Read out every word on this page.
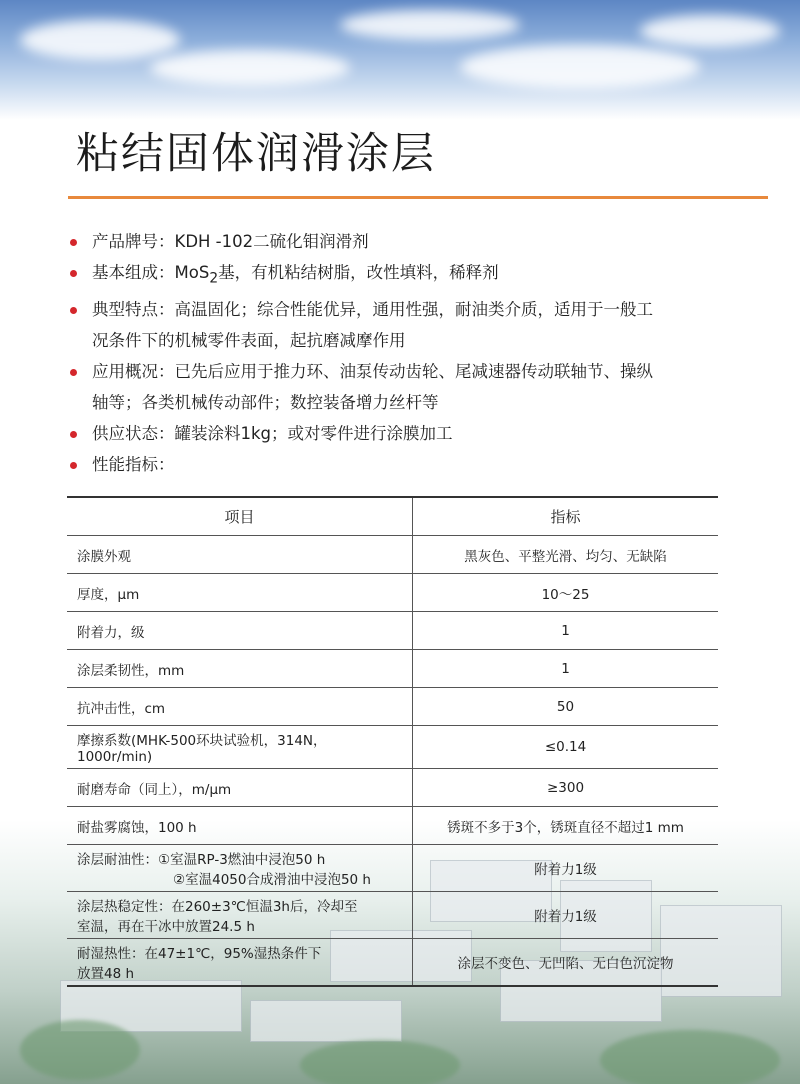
粘结固体润滑涂层
产品牌号：KDH -102二硫化钼润滑剂
基本组成：MoS$_2$基，有机粘结树脂，改性填料，稀释剂
典型特点：高温固化；综合性能优异，通用性强，耐油类介质，适用于一般工
况条件下的机械零件表面，起抗磨减摩作用
应用概况：已先后应用于推力环、油泵传动齿轮、尾减速器传动联轴节、操纵
轴等；各类机械传动部件；数控装备增力丝杆等
供应状态：罐装涂料1kg；或对零件进行涂膜加工
性能指标：
项目	指标
涂膜外观	黑灰色、平整光滑、均匀、无缺陷
厚度，μm	10～25
附着力，级	1
涂层柔韧性，mm	1
抗冲击性，cm	50

摩擦系数(MHK-500环块试验机，314N，
1000r/min)	≤0.14
耐磨寿命（同上），m/μm	≥300
耐盐雾腐蚀，100 h	锈斑不多于3个，锈斑直径不超过1 mm

涂层耐油性：①室温RP-3燃油中浸泡50 h
②室温4050合成滑油中浸泡50 h	附着力1级

涂层热稳定性：在260±3℃恒温3h后，冷却至
室温，再在干冰中放置24.5 h	附着力1级

耐湿热性：在47±1℃，95%湿热条件下
放置48 h	涂层不变色、无凹陷、无白色沉淀物
